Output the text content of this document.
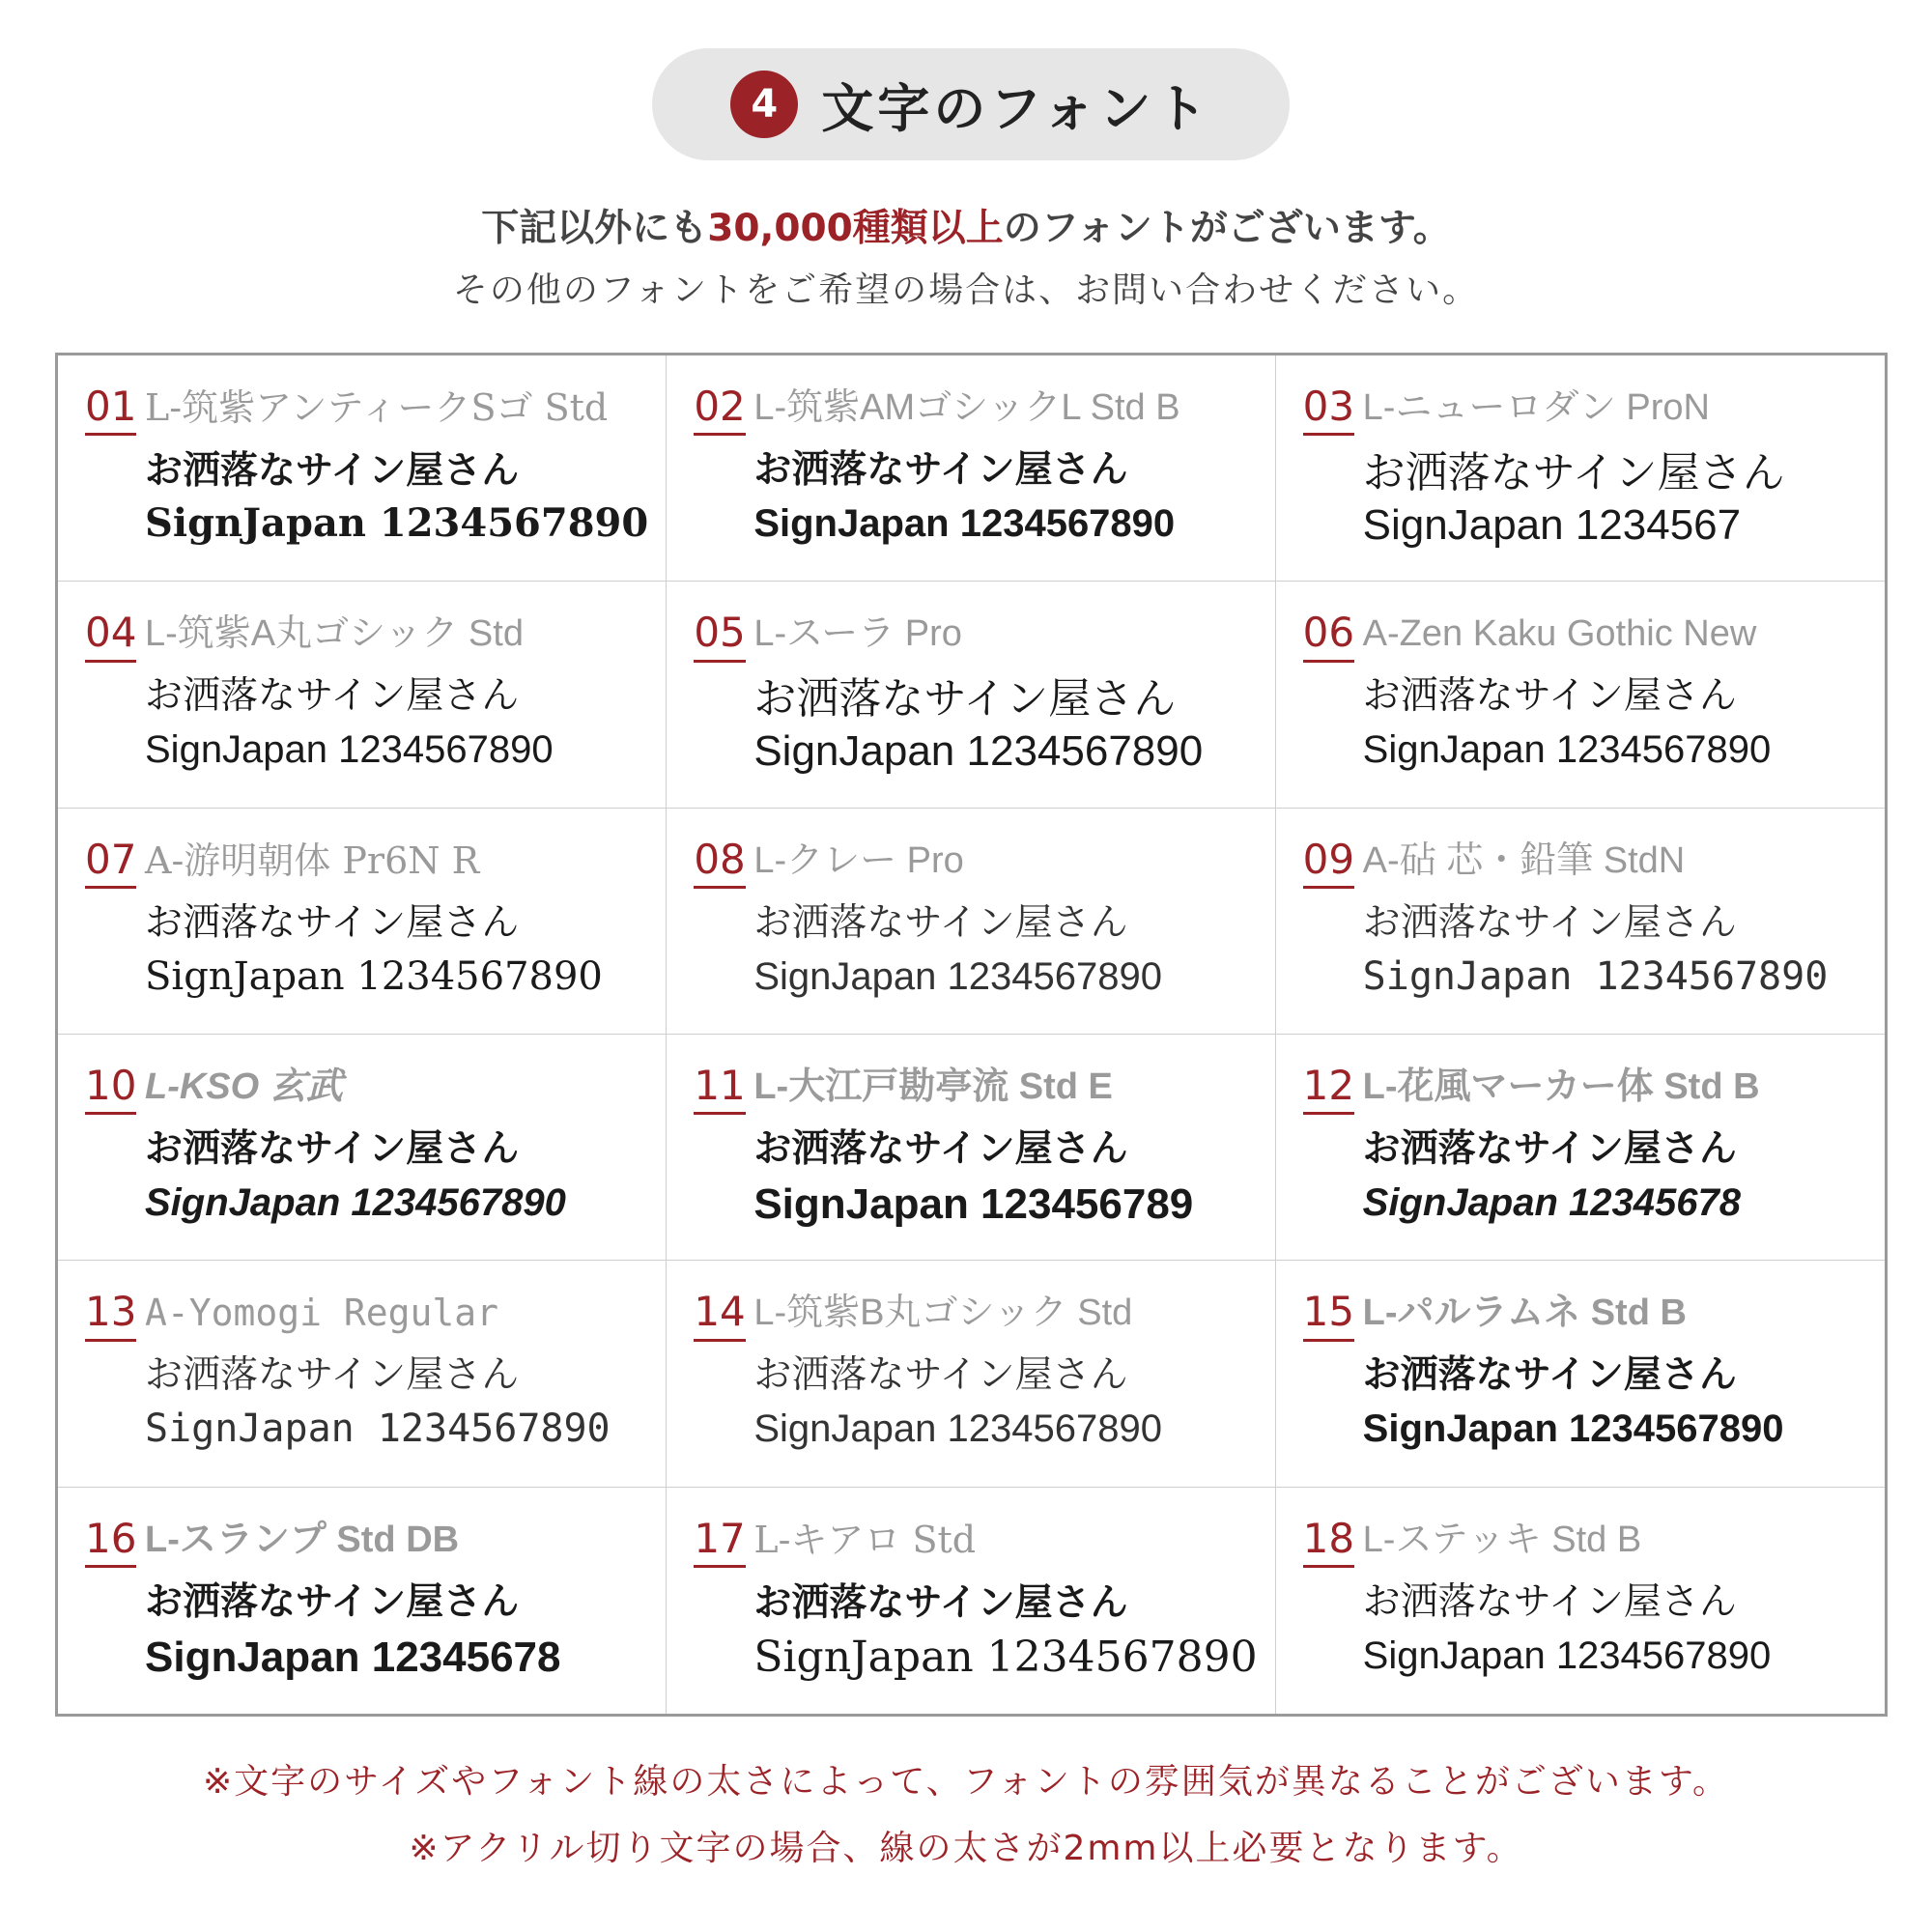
4 文字のフォント
下記以外にも30,000種類以上のフォントがございます。
その他のフォントをご希望の場合は、お問い合わせください。
01 L-筑紫アンティークSゴ Std
お洒落なサイン屋さん
SignJapan 1234567890
02 L-筑紫AMゴシックL Std B
お洒落なサイン屋さん
SignJapan 1234567890
03 L-ニューロダン ProN
お洒落なサイン屋さん
SignJapan 1234567
04 L-筑紫A丸ゴシック Std
お洒落なサイン屋さん
SignJapan 1234567890
05 L-スーラ Pro
お洒落なサイン屋さん
SignJapan 1234567890
06 A-Zen Kaku Gothic New
お洒落なサイン屋さん
SignJapan 1234567890
07 A-游明朝体 Pr6N R
お洒落なサイン屋さん
SignJapan 1234567890
08 L-クレー Pro
お洒落なサイン屋さん
SignJapan 1234567890
09 A-砧 芯・鉛筆 StdN
お洒落なサイン屋さん
SignJapan 1234567890
10 L-KSO 玄武
お洒落なサイン屋さん
SignJapan 1234567890
11 L-大江戸勘亭流 Std E
お洒落なサイン屋さん
SignJapan 123456789
12 L-花風マーカー体 Std B
お洒落なサイン屋さん
SignJapan 12345678
13 A-Yomogi Regular
お洒落なサイン屋さん
SignJapan 1234567890
14 L-筑紫B丸ゴシック Std
お洒落なサイン屋さん
SignJapan 1234567890
15 L-パルラムネ Std B
お洒落なサイン屋さん
SignJapan 1234567890
16 L-スランプ Std DB
お洒落なサイン屋さん
SignJapan 12345678
17 L-キアロ Std
お洒落なサイン屋さん
SignJapan 1234567890
18 L-ステッキ Std B
お洒落なサイン屋さん
SignJapan 1234567890
※文字のサイズやフォント線の太さによって、フォントの雰囲気が異なることがございます。
※アクリル切り文字の場合、線の太さが2mm以上必要となります。
